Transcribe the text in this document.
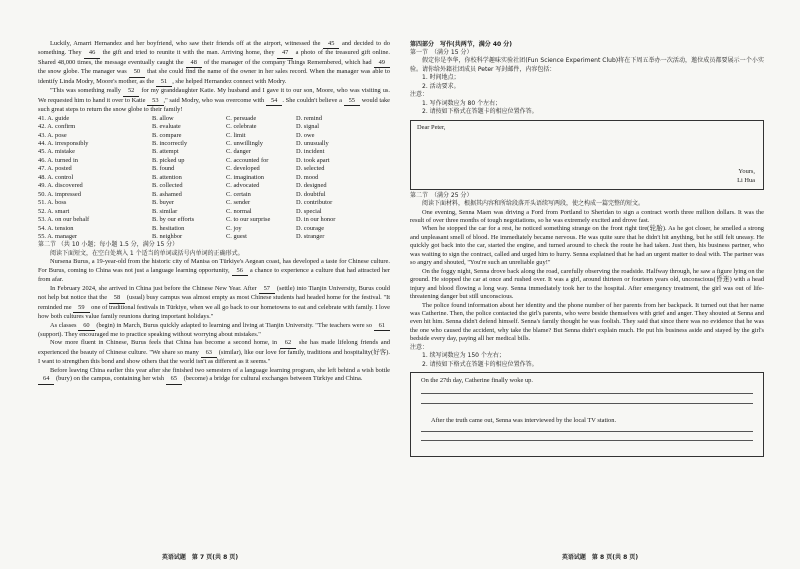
Luckily, Amarri Hernandez and her boyfriend, who saw their friends off at the airport, witnessed the 45 and decided to do something. They 46 the gift and tried to reunite it with the man. Arriving home, they 47 a photo of the treasured gift online. Shared 48,000 times, the message eventually caught the 48 of the manager of the company Things Remembered, which had 49 the snow globe. The manager was 50 that she could find the name of the owner in her sales record. When the manager was able to identify Linda Modry, Moore's mother, as the 51 , she helped Hernandez connect with Modry.

"This was something really 52 for my granddaughter Katie. My husband and I gave it to our son, Moore, who was visiting us. We requested him to hand it over to Katie 53 ," said Modry, who was overcome with 54 . She couldn't believe a 55 would take such great steps to return the snow globe to their family!

41. A. guide	B. allow	C. persuade	D. remind
42. A. confirm	B. evaluate	C. celebrate	D. signal
43. A. pose	B. compare	C. limit	D. owe
44. A. irresponsibly	B. incorrectly	C. unwillingly	D. unusually
45. A. mistake	B. attempt	C. danger	D. incident
46. A. turned in	B. picked up	C. accounted for	D. took apart
47. A. posted	B. found	C. developed	D. selected
48. A. control	B. attention	C. imagination	D. mood
49. A. discovered	B. collected	C. advocated	D. designed
50. A. impressed	B. ashamed	C. certain	D. doubtful
51. A. boss	B. buyer	C. sender	D. contributor
52. A. smart	B. similar	C. normal	D. special
53. A. on our behalf	B. by our efforts	C. to our surprise	D. in our honor
54. A. tension	B. hesitation	C. joy	D. courage
55. A. manager	B. neighbor	C. guest	D. stranger

第二节 （共 10 小题；每小题 1.5 分，满分 15 分）

阅读下面短文，在空白处填入 1 个适当的单词或括号内单词的正确形式。

Nursena Burus, a 19-year-old from the historic city of Manisa on Türkiye's Aegean coast, has developed a taste for Chinese culture. For Burus, coming to China was not just a language learning opportunity, 56 a chance to experience a culture that had attracted her from afar.

In February 2024, she arrived in China just before the Chinese New Year. After 57 (settle) into Tianjin University, Burus could not help but notice that the 58 (usual) busy campus was almost empty as most Chinese students had headed home for the festival. "It reminded me 59 one of traditional festivals in Türkiye, when we all go back to our hometowns to eat and celebrate with family. I love how both cultures value family reunions during important holidays."

As classes 60 (begin) in March, Burus quickly adapted to learning and living at Tianjin University. "The teachers were so 61 (support). They encouraged me to practice speaking without worrying about mistakes."

Now more fluent in Chinese, Burus feels that China has become a second home, in 62 she has made lifelong friends and experienced the beauty of Chinese culture. "We share so many 63 (similar), like our love for family, traditions and hospitality(好客). I want to strengthen this bond and show others that the world isn't as different as it seems."

Before leaving China earlier this year after she finished two semesters of a language learning program, she left behind a wish bottle 64 (bury) on the campus, containing her wish 65 (become) a bridge for cultural exchanges between Türkiye and China.

英语试题　第 7 页(共 8 页)

第四部分　写作(共两节，满分 40 分)

第一节　（满分 15 分）

假定你是李华，你校科学趣味实验社团(Fun Science Experiment Club)将在下周五举办一次活动，邀位成员都要展示一个小实验。请你给外籍社团成员 Peter 写封邮件，内容包括：

1. 时间地点；

2. 活动要求。

注意：

1. 写作词数应为 80 个左右；

2. 请按如下格式在答题卡的相应位置作答。

Dear Peter,
Yours,
Li Hua

第二节　（满分 25 分）

阅读下面材料，根据其内容和所给段落开头语续写两段，使之构成一篇完整的短文。

One evening, Senna Maen was driving a Ford from Portland to Sheridan to sign a contract worth three million dollars. It was the result of over three months of tough negotiations, so he was extremely excited and drove fast.

When he stopped the car for a rest, he noticed something strange on the front right tire(轮胎). As he got closer, he smelled a strong and unpleasant smell of blood. He immediately became nervous. He was quite sure that he didn't hit anything, but he still felt uneasy. He quickly got back into the car, started the engine, and turned around to check the route he had taken. Just then, his business partner, who was waiting to sign the contract, called and urged him to hurry. Senna explained that he had an urgent matter to deal with. The partner was so angry and shouted, "You're such an unreliable guy!"

On the foggy night, Senna drove back along the road, carefully observing the roadside. Halfway through, he saw a figure lying on the ground. He stopped the car at once and rushed over. It was a girl, around thirteen or fourteen years old, unconscious(昏迷) with a head injury and blood flowing a long way. Senna immediately took her to the hospital. After emergency treatment, the girl was out of life-threatening danger but still unconscious.

The police found information about her identity and the phone number of her parents from her backpack. It turned out that her name was Catherine. Then, the police contacted the girl's parents, who were beside themselves with grief and anger. They shouted at Senna and even hit him. Senna didn't defend himself. Senna's family thought he was foolish. They said that since there was no evidence that he was the one who caused the accident, why take the blame? But Senna didn't explain much. He put his business aside and stayed by the girl's bedside every day, paying all her medical bills.

注意：

1. 续写词数应为 150 个左右；

2. 请按如下格式在答题卡的相应位置作答。

On the 27th day, Catherine finally woke up.
After the truth came out, Senna was interviewed by the local TV station.
英语试题　第 8 页(共 8 页)
